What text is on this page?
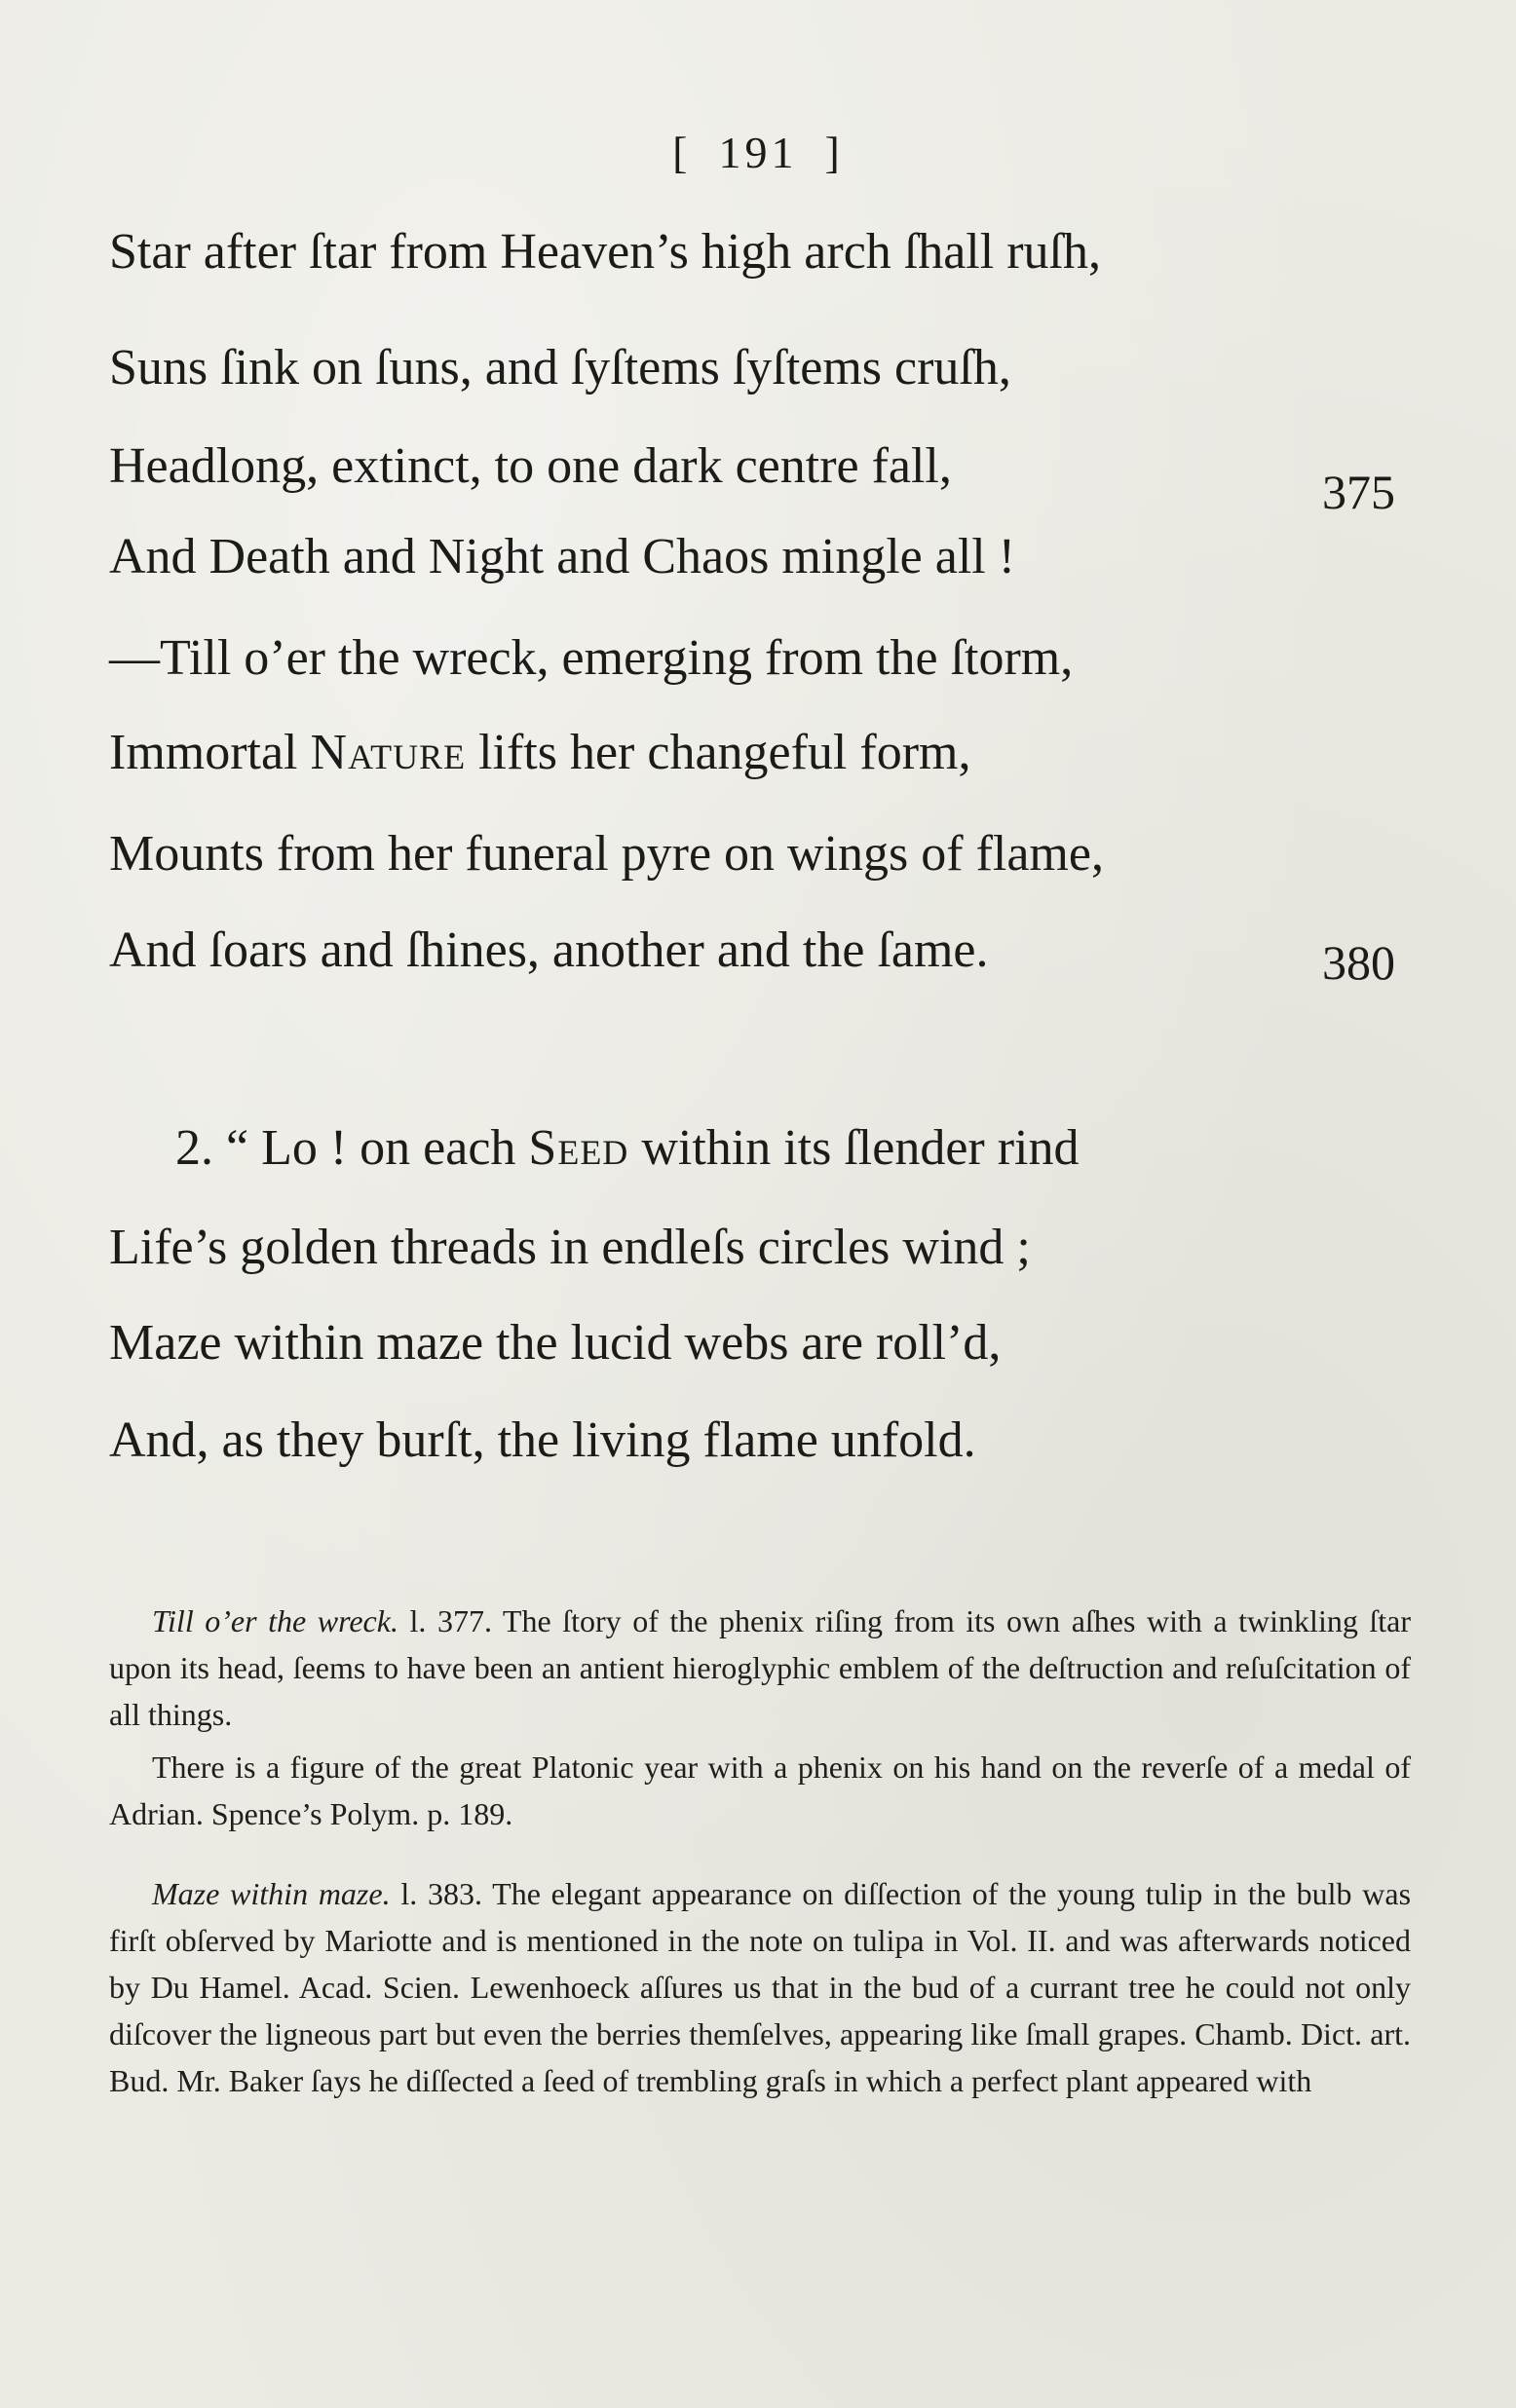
[ 191 ]
Star after ſtar from Heaven’s high arch ſhall ruſh,
Suns ſink on ſuns, and ſyſtems ſyſtems cruſh,
Headlong, extinct, to one dark centre fall,	375
And Death and Night and Chaos mingle all !
—Till o’er the wreck, emerging from the ſtorm,
Immortal Nature lifts her changeful form,
Mounts from her funeral pyre on wings of flame,
And ſoars and ſhines, another and the ſame.	380
2. “ Lo ! on each Seed within its ſlender rind
Life’s golden threads in endleſs circles wind ;
Maze within maze the lucid webs are roll’d,
And, as they burſt, the living flame unfold.

Till o’er the wreck. l. 377. The ſtory of the phenix riſing from its own aſhes with a twinkling ſtar upon its head, ſeems to have been an antient hieroglyphic emblem of the deſtruction and reſuſcitation of all things.

There is a figure of the great Platonic year with a phenix on his hand on the reverſe of a medal of Adrian. Spence’s Polym. p. 189.

Maze within maze. l. 383. The elegant appearance on diſſection of the young tulip in the bulb was firſt obſerved by Mariotte and is mentioned in the note on tulipa in Vol. II. and was afterwards noticed by Du Hamel. Acad. Scien. Lewenhoeck aſſures us that in the bud of a currant tree he could not only diſcover the ligneous part but even the berries themſelves, appearing like ſmall grapes. Chamb. Dict. art. Bud. Mr. Baker ſays he diſſected a ſeed of trembling graſs in which a perfect plant appeared with
